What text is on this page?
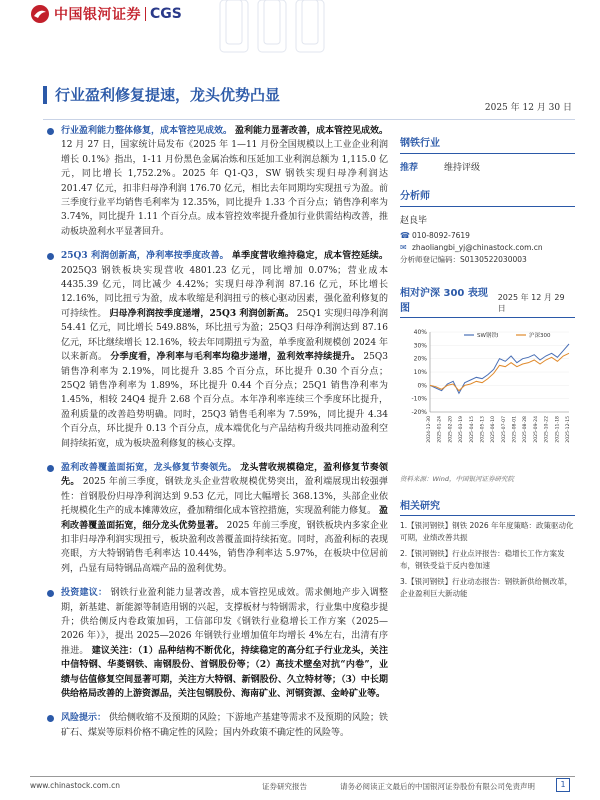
中国银河证券 CGS
行业盈利修复提速，龙头优势凸显
2025 年 12 月 30 日
行业盈利能力整体修复，成本管控见成效。 盈利能力显著改善，成本管控见成效。 12 月 27 日，国家统计局发布《2025 年 1—11 月份全国规模以上工业企业利润增长 0.1%》指出，1-11 月份黑色金属冶炼和压延加工业利润总额为 1,115.0 亿元，同比增长 1,752.2%。2025 年 Q1-Q3，SW 钢铁实现归母净利润达 201.47 亿元，扣非归母净利润 176.70 亿元，相比去年同期均实现扭亏为盈。前三季度行业平均销售毛利率为 12.35%，同比提升 1.33 个百分点；销售净利率为 3.74%，同比提升 1.11 个百分点。成本管控效率提升叠加行业供需结构改善，推动板块盈利水平显著回升。
25Q3 利润创新高，净利率按季度改善。 单季度营收维持稳定，成本管控延续。 2025Q3 钢铁板块实现营收 4801.23 亿元，同比增加 0.07%；营业成本 4435.39 亿元，同比减少 4.42%；实现归母净利润 87.16 亿元，环比增长 12.16%，同比扭亏为盈，成本收缩是利润扭亏的核心驱动因素，强化盈利修复的可持续性。 归母净利润按季度递增，25Q3 利润创新高。 25Q1 实现归母净利润 54.41 亿元，同比增长 549.88%，环比扭亏为盈；25Q3 归母净利润达到 87.16 亿元，环比继续增长 12.16%，较去年同期扭亏为盈，单季度盈利规模创 2024 年以来新高。 分季度看，净利率与毛利率均稳步递增，盈利效率持续提升。 25Q3 销售净利率为 2.19%，同比提升 3.85 个百分点，环比提升 0.30 个百分点；25Q2 销售净利率为 1.89%，环比提升 0.44 个百分点；25Q1 销售净利率为 1.45%，相较 24Q4 提升 2.68 个百分点。本年净利率连续三个季度环比提升，盈利质量的改善趋势明确。同时，25Q3 销售毛利率为 7.59%，同比提升 4.34 个百分点，环比提升 0.13 个百分点，成本端优化与产品结构升级共同推动盈利空间持续拓宽，成为板块盈利修复的核心支撑。
盈利改善覆盖面拓宽，龙头修复节奏领先。 龙头营收规模稳定，盈利修复节奏领先。 2025 年前三季度，钢铁龙头企业营收规模优势突出，盈利端展现出较强弹性：首钢股份归母净利润达到 9.53 亿元，同比大幅增长 368.13%，头部企业依托规模化生产的成本摊薄效应，叠加精细化成本管控措施，实现盈利能力修复。 盈利改善覆盖面拓宽，细分龙头优势显著。 2025 年前三季度，钢铁板块内多家企业扣非归母净利润实现扭亏，板块盈利改善覆盖面持续拓宽。同时，高盈利标的表现亮眼，方大特钢销售毛利率达 10.44%，销售净利率达 5.97%，在板块中位居前列，凸显有局特钢品高端产品的盈利优势。
投资建议： 钢铁行业盈利能力显著改善，成本管控见成效。需求侧地产步入调整期，新基建、新能源等制造用钢的兴起，支撑板材与特钢需求，行业集中度稳步提升；供给侧反内卷政策加码，工信部印发《钢铁行业稳增长工作方案（2025—2026 年）》，提出 2025—2026 年钢铁行业增加值年均增长 4%左右，出清有序推进。 建议关注：（1）品种结构不断优化，持续稳定的高分红子行业龙头，关注中信特钢、华菱钢铁、南钢股份、首钢股份等；（2）高技术壁垒对抗“内卷”，业绩与估值修复空间显著可期，关注方大特钢、新钢股份、久立特材等；（3）中长期供给格局改善的上游资源品，关注包钢股份、海南矿业、河钢资源、金岭矿业等。
风险提示： 供给侧收缩不及预期的风险；下游地产基建等需求不及预期的风险；铁矿石、煤炭等原料价格不确定性的风险；国内外政策不确定性的风险等。
钢铁行业
推荐	维持评级
分析师
赵良毕
☎ 010-8092-7619
✉ zhaoliangbi_yj@chinastock.com.cn
分析师登记编码：S0130522030003
相对沪深 300 表现图
2025 年 12 月 29 日
40%
30%
20%
10%
0%
-10%
-20%
2024-12-30 2025-01-24 2025-02-20 2025-03-19 2025-04-15 2025-05-13 2025-06-10 2025-07-07 2025-08-01 2025-08-28 2025-09-24 2025-10-22 2025-11-18 2025-12-15
SW钢铁Ⅰ	沪深300
资料来源：Wind，中国银河证券研究院
相关研究
1.【银河钢铁】钢铁 2026 年年度策略：政策驱动化可期，业绩改善共振
2.【银河钢铁】行业点评报告：稳增长工作方案发布，钢铁受益于反内卷加速
3.【银河钢铁】行业动态报告：钢铁新供给侧改革，企业盈利巨大新动能
www.chinastock.com.cn	证券研究报告	请务必阅读正文最后的中国银河证券股份有限公司免责声明	1
